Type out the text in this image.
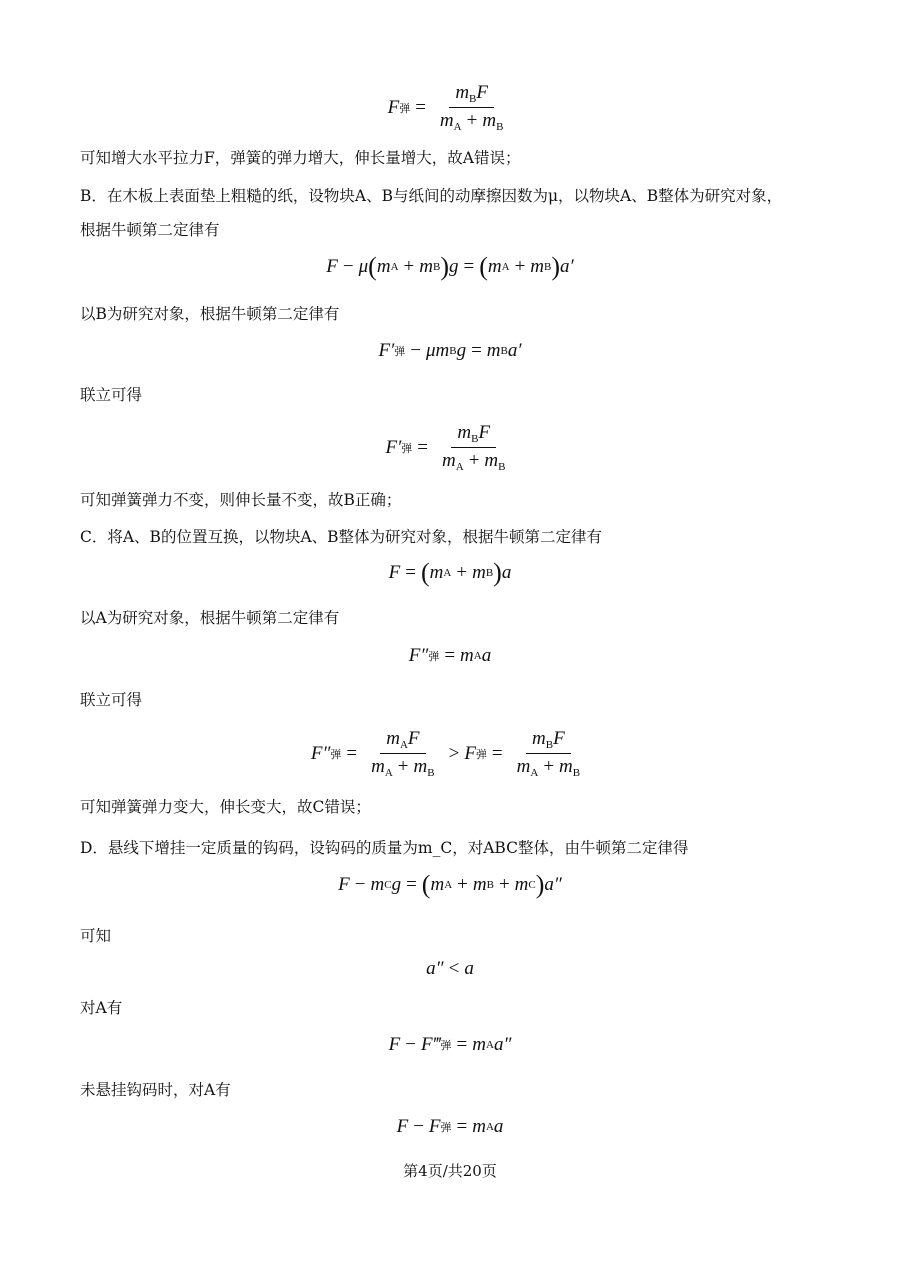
F 弹 = $\frac{m_BF}{m_A + m_B}$
可知增大水平拉力F，弹簧的弹力增大，伸长量增大，故A错误；
B．在木板上表面垫上粗糙的纸，设物块A、B与纸间的动摩擦因数为μ，以物块A、B整体为研究对象，
根据牛顿第二定律有
F − μ ( m A + m B ) g = ( m A + m B ) a′
以B为研究对象，根据牛顿第二定律有
F′ 弹 − μ m B g = m B a′
联立可得
F′ 弹 = $\frac{m_BF}{m_A + m_B}$
可知弹簧弹力不变，则伸长量不变，故B正确；
C．将A、B的位置互换，以物块A、B整体为研究对象，根据牛顿第二定律有
F = ( m A + m B ) a
以A为研究对象，根据牛顿第二定律有
F″ 弹 = m A a
联立可得
F″ 弹 = $\frac{m_AF}{m_A + m_B} > F$ 弹 = $\frac{m_BF}{m_A + m_B}$
可知弹簧弹力变大，伸长变大，故C错误；
D．悬线下增挂一定质量的钩码，设钩码的质量为m_C，对ABC整体，由牛顿第二定律得
F − m C g = ( m A + m B + m C ) a″
可知
a″ < a
对A有
F − F‴ 弹 = m A a″
未悬挂钩码时，对A有
F − F 弹 = m A a
第4页/共20页
